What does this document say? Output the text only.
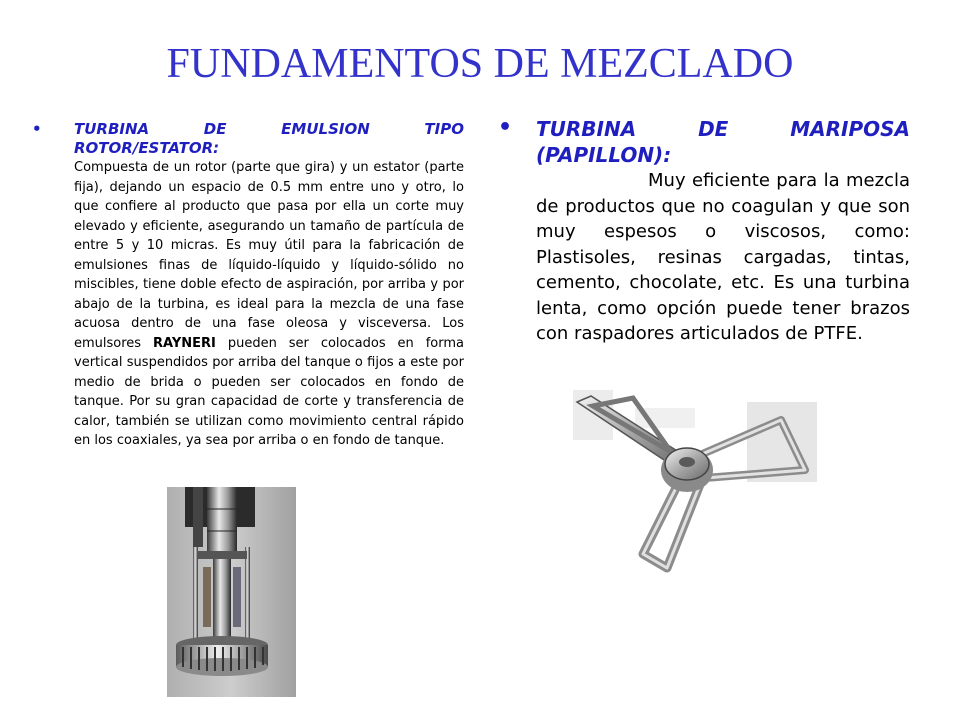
FUNDAMENTOS DE MEZCLADO
• TURBINA DE EMULSION TIPO ROTOR/ESTATOR:
Compuesta de un rotor (parte que gira) y un estator (parte fija), dejando un espacio de 0.5 mm entre uno y otro, lo que confiere al producto que pasa por ella un corte muy elevado y eficiente, asegurando un tamaño de partícula de entre 5 y 10 micras. Es muy útil para la fabricación de emulsiones finas de líquido-líquido y líquido-sólido no miscibles, tiene doble efecto de aspiración, por arriba y por abajo de la turbina, es ideal para la mezcla de una fase acuosa dentro de una fase oleosa y visceversa. Los emulsores RAYNERI pueden ser colocados en forma vertical suspendidos por arriba del tanque o fijos a este por medio de brida o pueden ser colocados en fondo de tanque. Por su gran capacidad de corte y transferencia de calor, también se utilizan como movimiento central rápido en los coaxiales, ya sea por arriba o en fondo de tanque.
• TURBINA DE MARIPOSA (PAPILLON):
Muy eficiente para la mezcla de productos que no coagulan y que son muy espesos o viscosos, como: Plastisoles, resinas cargadas, tintas, cemento, chocolate, etc. Es una turbina lenta, como opción puede tener brazos con raspadores articulados de PTFE.
